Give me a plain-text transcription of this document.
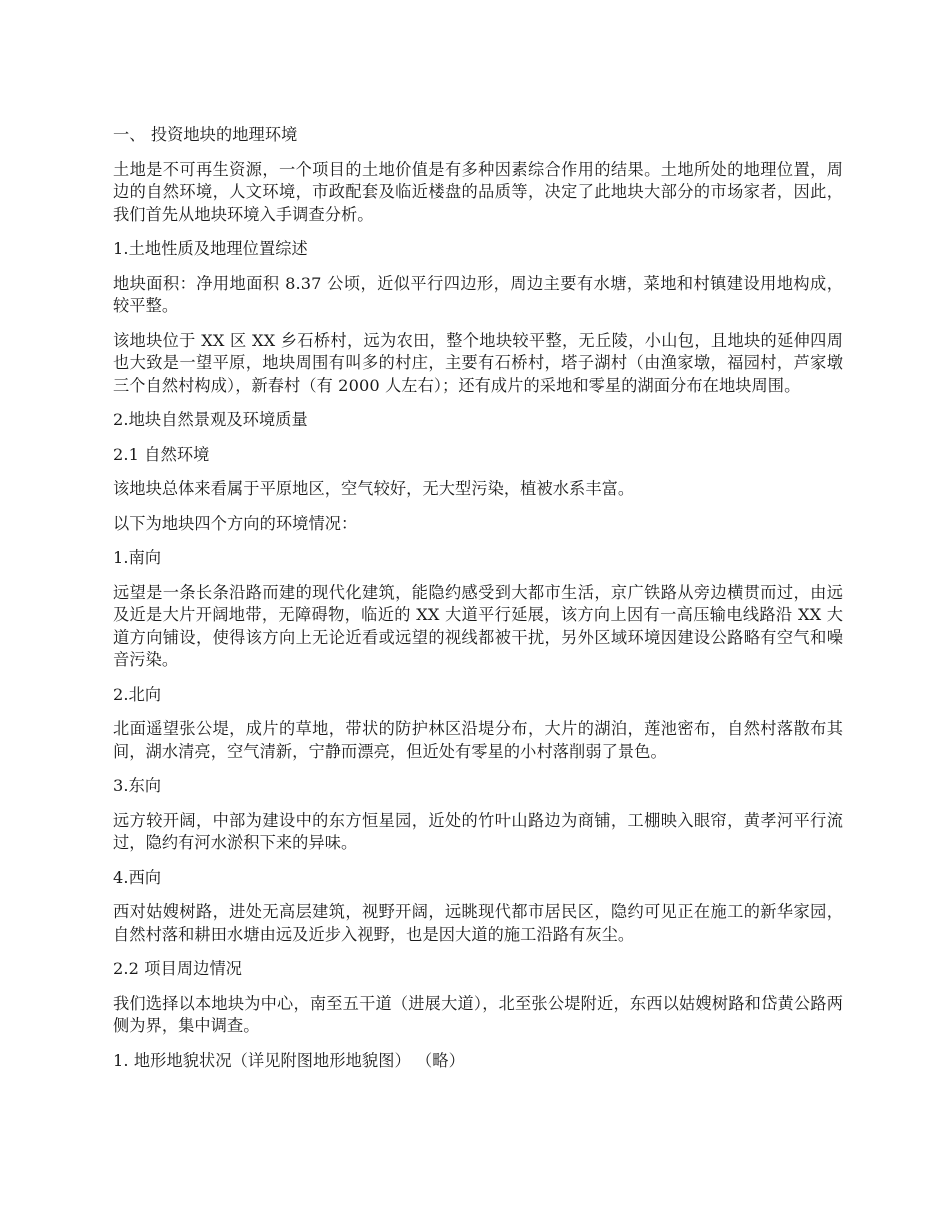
一、 投资地块的地理环境

土地是不可再生资源，一个项目的土地价值是有多种因素综合作用的结果。土地所处的地理位置，周边的自然环境，人文环境，市政配套及临近楼盘的品质等，决定了此地块大部分的市场家者，因此，我们首先从地块环境入手调查分析。

1.土地性质及地理位置综述

地块面积：净用地面积 8.37 公顷，近似平行四边形，周边主要有水塘，菜地和村镇建设用地构成，较平整。

该地块位于 XX 区 XX 乡石桥村，远为农田，整个地块较平整，无丘陵，小山包，且地块的延伸四周也大致是一望平原，地块周围有叫多的村庄，主要有石桥村，塔子湖村（由渔家墩，福园村，芦家墩三个自然村构成），新春村（有 2000 人左右）；还有成片的采地和零星的湖面分布在地块周围。

2.地块自然景观及环境质量

2.1 自然环境

该地块总体来看属于平原地区，空气较好，无大型污染，植被水系丰富。

以下为地块四个方向的环境情况：

1.南向

远望是一条长条沿路而建的现代化建筑，能隐约感受到大都市生活，京广铁路从旁边横贯而过，由远及近是大片开阔地带，无障碍物，临近的 XX 大道平行延展，该方向上因有一高压输电线路沿 XX 大道方向铺设，使得该方向上无论近看或远望的视线都被干扰，另外区域环境因建设公路略有空气和噪音污染。

2.北向

北面遥望张公堤，成片的草地，带状的防护林区沿堤分布，大片的湖泊，莲池密布，自然村落散布其间，湖水清亮，空气清新，宁静而漂亮，但近处有零星的小村落削弱了景色。

3.东向

远方较开阔，中部为建设中的东方恒星园，近处的竹叶山路边为商铺，工棚映入眼帘，黄孝河平行流过，隐约有河水淤积下来的异味。

4.西向

西对姑嫂树路，进处无高层建筑，视野开阔，远眺现代都市居民区，隐约可见正在施工的新华家园，自然村落和耕田水塘由远及近步入视野，也是因大道的施工沿路有灰尘。

2.2 项目周边情况

我们选择以本地块为中心，南至五干道（进展大道），北至张公堤附近，东西以姑嫂树路和岱黄公路两侧为界，集中调查。

1. 地形地貌状况（详见附图地形地貌图） （略）
